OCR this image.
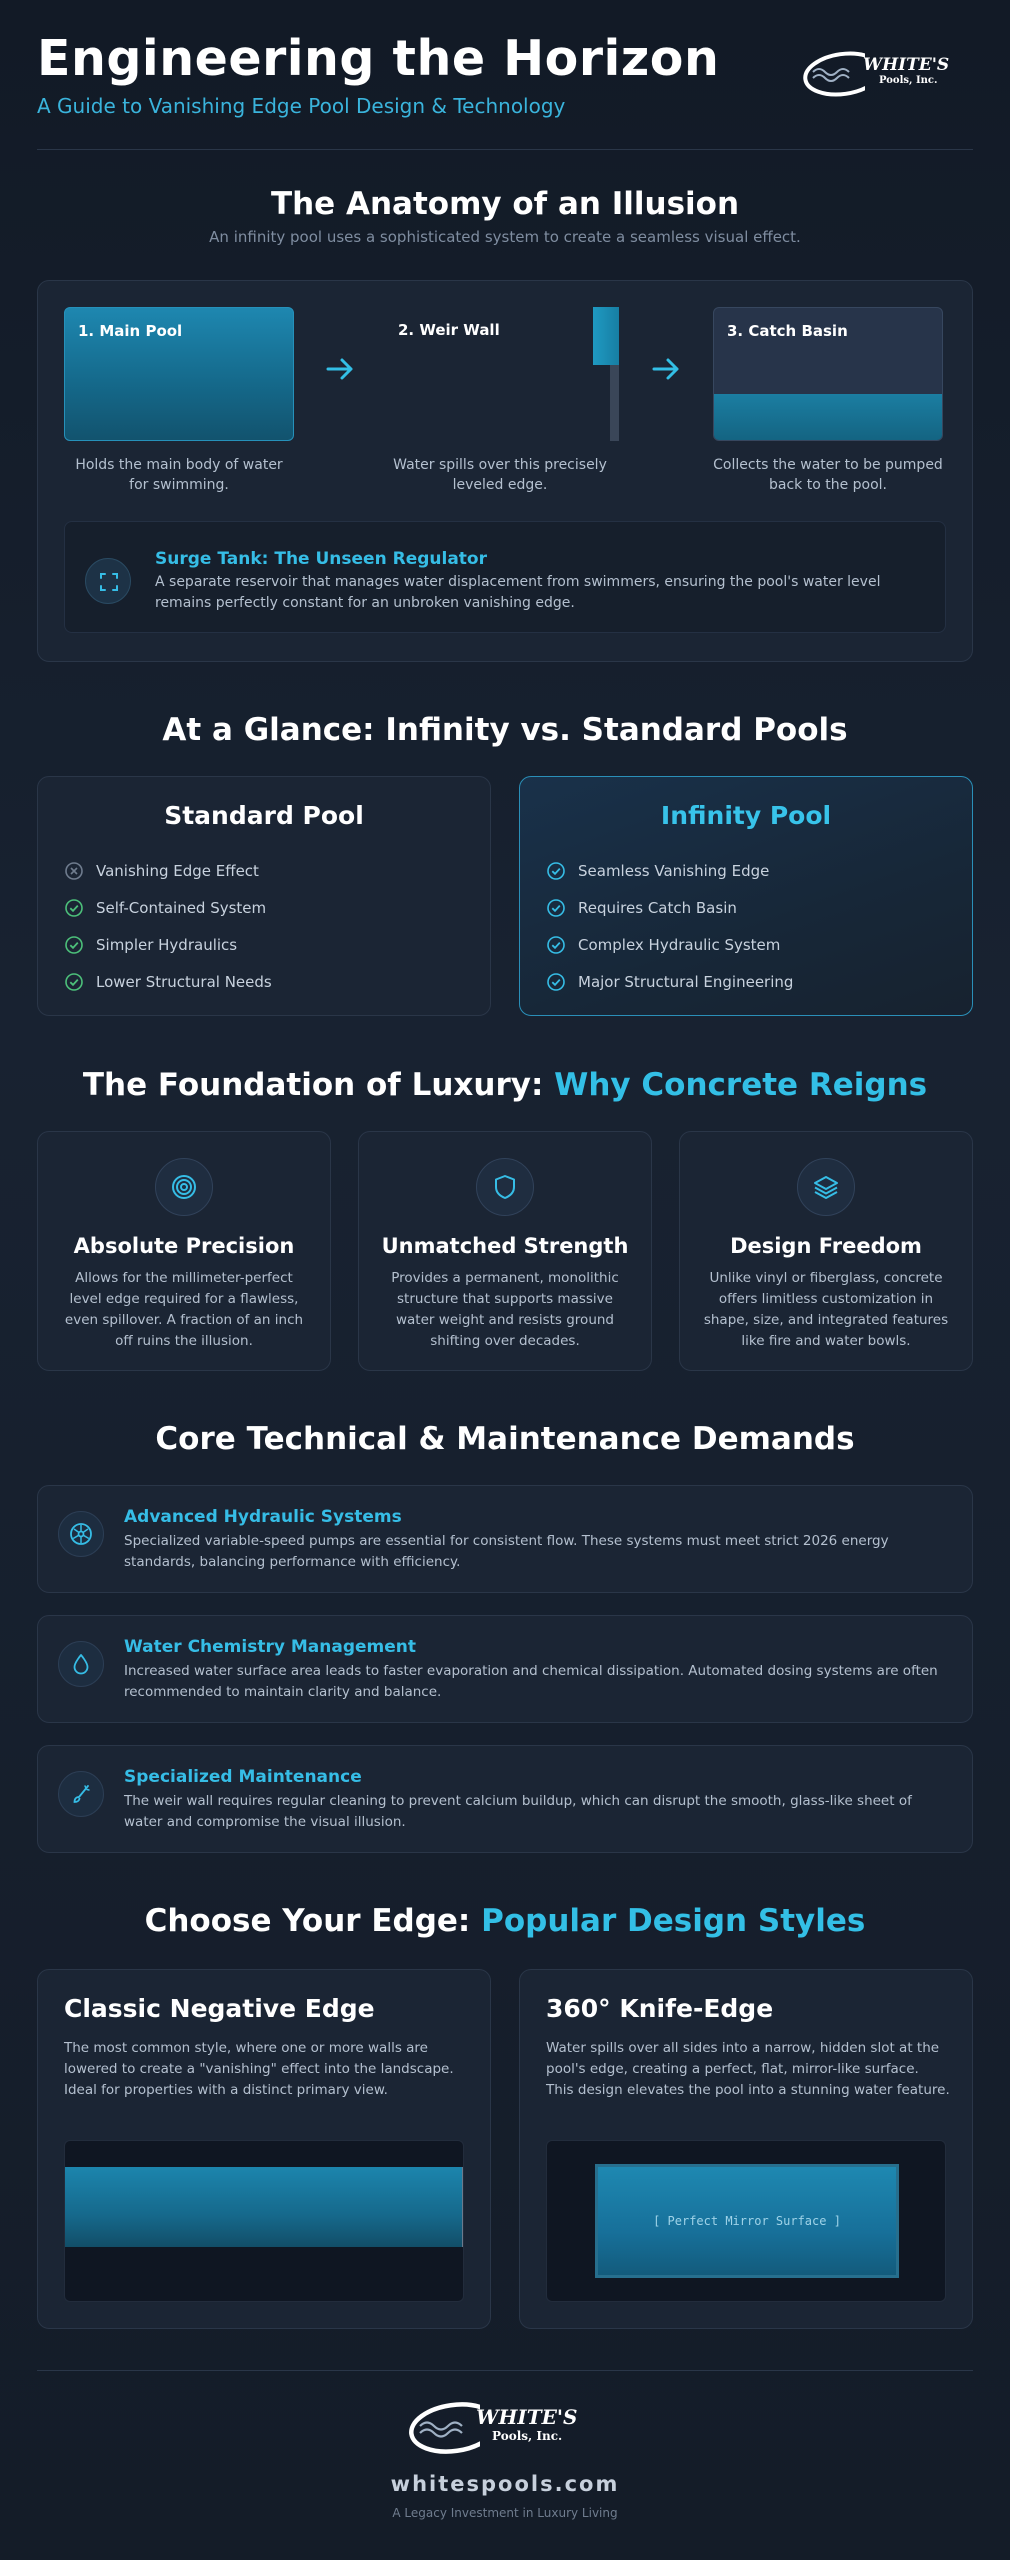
Engineering the Horizon
A Guide to Vanishing Edge Pool Design & Technology
WHITE'S
Pools, Inc.
The Anatomy of an Illusion
An infinity pool uses a sophisticated system to create a seamless visual effect.
1. Main Pool
Holds the main body of water for swimming.
2. Weir Wall
Water spills over this precisely leveled edge.
3. Catch Basin
Collects the water to be pumped back to the pool.
Surge Tank: The Unseen Regulator

A separate reservoir that manages water displacement from swimmers, ensuring the pool's water level remains perfectly constant for an unbroken vanishing edge.

At a Glance: Infinity vs. Standard Pools
Standard Pool
Vanishing Edge Effect
Self-Contained System
Simpler Hydraulics
Lower Structural Needs
Infinity Pool
Seamless Vanishing Edge
Requires Catch Basin
Complex Hydraulic System
Major Structural Engineering
The Foundation of Luxury: Why Concrete Reigns
Absolute Precision

Allows for the millimeter-perfect level edge required for a flawless, even spillover. A fraction of an inch off ruins the illusion.

Unmatched Strength

Provides a permanent, monolithic structure that supports massive water weight and resists ground shifting over decades.

Design Freedom

Unlike vinyl or fiberglass, concrete offers limitless customization in shape, size, and integrated features like fire and water bowls.

Core Technical & Maintenance Demands
Advanced Hydraulic Systems

Specialized variable-speed pumps are essential for consistent flow. These systems must meet strict 2026 energy standards, balancing performance with efficiency.

Water Chemistry Management

Increased water surface area leads to faster evaporation and chemical dissipation. Automated dosing systems are often recommended to maintain clarity and balance.

Specialized Maintenance

The weir wall requires regular cleaning to prevent calcium buildup, which can disrupt the smooth, glass-like sheet of water and compromise the visual illusion.

Choose Your Edge: Popular Design Styles
Classic Negative Edge

The most common style, where one or more walls are lowered to create a "vanishing" effect into the landscape. Ideal for properties with a distinct primary view.

360° Knife-Edge

Water spills over all sides into a narrow, hidden slot at the pool's edge, creating a perfect, flat, mirror-like surface. This design elevates the pool into a stunning water feature.

[ Perfect Mirror Surface ]
WHITE'S
Pools, Inc.
whitespools.com
A Legacy Investment in Luxury Living
